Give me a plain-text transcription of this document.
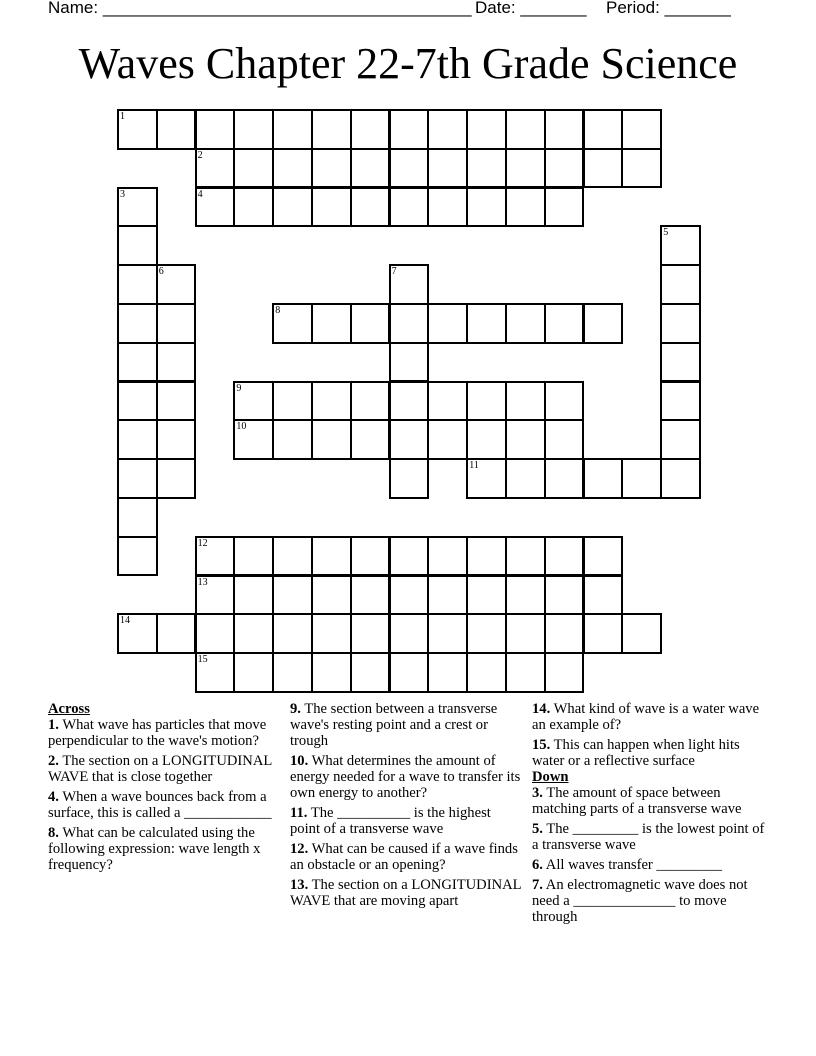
Name: _______________________________________ Date: _______ Period: _______
Waves Chapter 22-7th Grade Science
1
2
3	4
5
6	7
8
9
10
11
12
13
14
15
Across

1. What wave has particles that move perpendicular to the wave's motion?

2. The section on a LONGITUDINAL WAVE that is close together

4. When a wave bounces back from a surface, this is called a ____________

8. What can be calculated using the following expression: wave length x frequency?

9. The section between a transverse wave's resting point and a crest or trough

10. What determines the amount of energy needed for a wave to transfer its own energy to another?

11. The __________ is the highest point of a transverse wave

12. What can be caused if a wave finds an obstacle or an opening?

13. The section on a LONGITUDINAL WAVE that are moving apart

14. What kind of wave is a water wave an example of?

15. This can happen when light hits water or a reflective surface

Down

3. The amount of space between matching parts of a transverse wave

5. The _________ is the lowest point of a transverse wave

6. All waves transfer _________

7. An electromagnetic wave does not need a ______________ to move through
